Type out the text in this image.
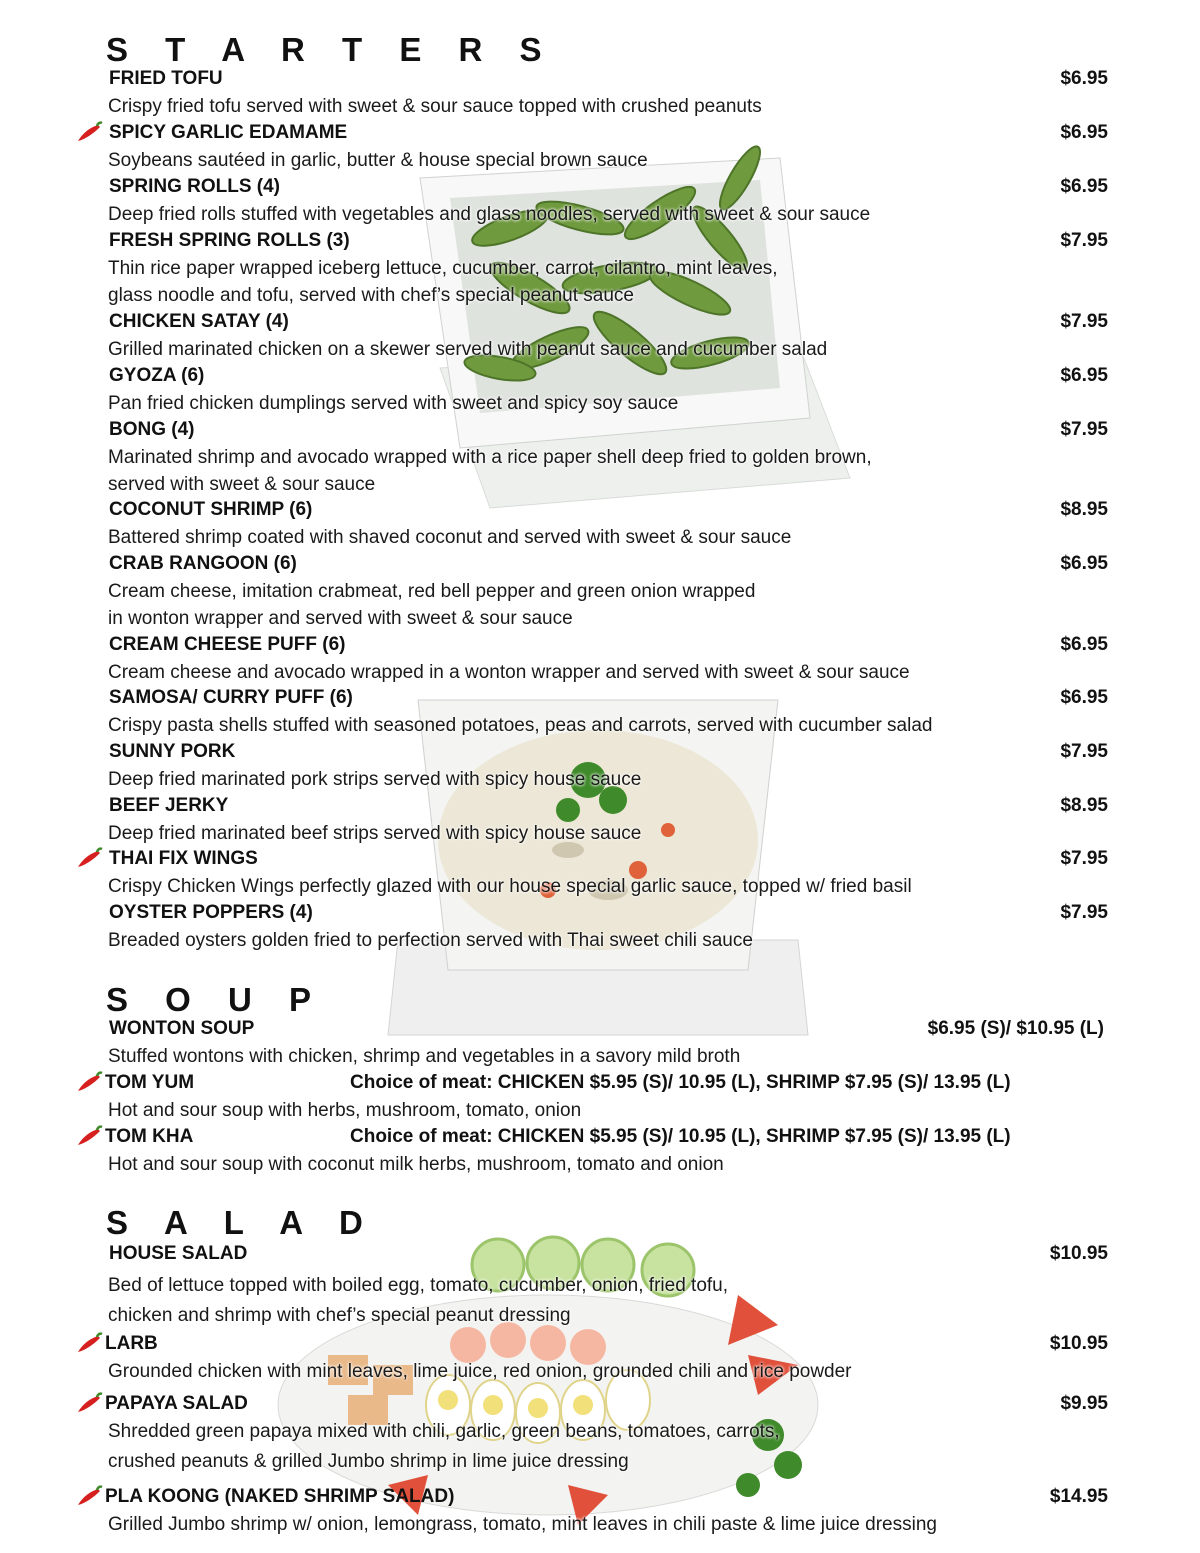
S T A R T E R S
FRIED TOFU	$6.95
Crispy fried tofu served with sweet & sour sauce topped with crushed peanuts
SPICY GARLIC EDAMAME	$6.95
Soybeans sautéed in garlic, butter & house special brown sauce
SPRING ROLLS (4)	$6.95
Deep fried rolls stuffed with vegetables and glass noodles, served with sweet & sour sauce
FRESH SPRING ROLLS (3)	$7.95
Thin rice paper wrapped iceberg lettuce, cucumber, carrot, cilantro, mint leaves,
glass noodle and tofu, served with chef’s special peanut sauce
CHICKEN SATAY (4)	$7.95
Grilled marinated chicken on a skewer served with peanut sauce and cucumber salad
GYOZA (6)	$6.95
Pan fried chicken dumplings served with sweet and spicy soy sauce
BONG (4)	$7.95
Marinated shrimp and avocado wrapped with a rice paper shell deep fried to golden brown,
served with sweet & sour sauce
COCONUT SHRIMP (6)	$8.95
Battered shrimp coated with shaved coconut and served with sweet & sour sauce
CRAB RANGOON (6)	$6.95
Cream cheese, imitation crabmeat, red bell pepper and green onion wrapped
in wonton wrapper and served with sweet & sour sauce
CREAM CHEESE PUFF (6)	$6.95
Cream cheese and avocado wrapped in a wonton wrapper and served with sweet & sour sauce
SAMOSA/ CURRY PUFF (6)	$6.95
Crispy pasta shells stuffed with seasoned potatoes, peas and carrots, served with cucumber salad
SUNNY PORK	$7.95
Deep fried marinated pork strips served with spicy house sauce
BEEF JERKY	$8.95
Deep fried marinated beef strips served with spicy house sauce
THAI FIX WINGS	$7.95
Crispy Chicken Wings perfectly glazed with our house special garlic sauce, topped w/ fried basil
OYSTER POPPERS (4)	$7.95
Breaded oysters golden fried to perfection served with Thai sweet chili sauce
S O U P
WONTON SOUP	$6.95 (S)/ $10.95 (L)
Stuffed wontons with chicken, shrimp and vegetables in a savory mild broth
TOM YUM	Choice of meat: CHICKEN $5.95 (S)/ 10.95 (L), SHRIMP $7.95 (S)/ 13.95 (L)
Hot and sour soup with herbs, mushroom, tomato, onion
TOM KHA	Choice of meat: CHICKEN $5.95 (S)/ 10.95 (L), SHRIMP $7.95 (S)/ 13.95 (L)
Hot and sour soup with coconut milk herbs, mushroom, tomato and onion
S A L A D
HOUSE SALAD	$10.95
Bed of lettuce topped with boiled egg, tomato, cucumber, onion, fried tofu,
chicken and shrimp with chef’s special peanut dressing
LARB	$10.95
Grounded chicken with mint leaves, lime juice, red onion, grounded chili and rice powder
PAPAYA SALAD	$9.95
Shredded green papaya mixed with chili, garlic, green beans, tomatoes, carrots,
crushed peanuts & grilled Jumbo shrimp in lime juice dressing
PLA KOONG (NAKED SHRIMP SALAD)	$14.95
Grilled Jumbo shrimp w/ onion, lemongrass, tomato, mint leaves in chili paste & lime juice dressing
